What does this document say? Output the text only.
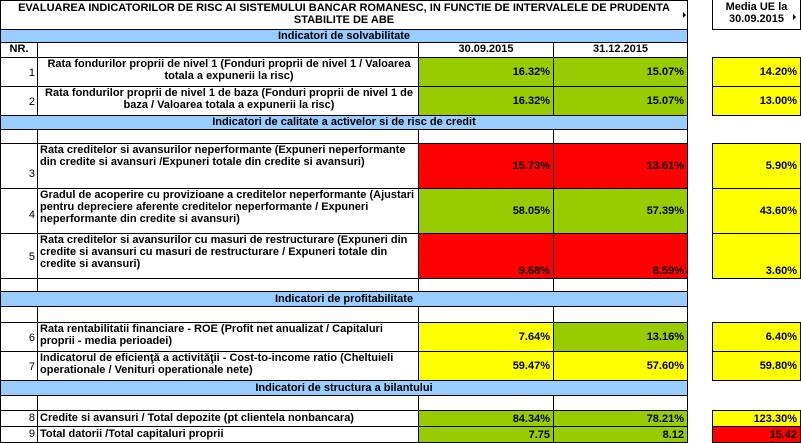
EVALUAREA INDICATORILOR DE RISC AI SISTEMULUI BANCAR ROMANESC, IN FUNCTIE DE INTERVALELE DE PRUDENTA STABILITE DE ABE
Media UE la 30.09.2015
Indicatori de solvabilitate
NR.	30.09.2015	31.12.2015
1
Rata fondurilor proprii de nivel 1 (Fonduri proprii de nivel 1 / Valoarea totala a expunerii la risc)	16.32%	15.07%	14.20%
2
Rata fondurilor proprii de nivel 1 de baza (Fonduri proprii de nivel 1 de baza / Valoarea totala a expunerii la risc)	16.32%	15.07%	13.00%
Indicatori de calitate a activelor si de risc de credit
3
Rata creditelor si avansurilor neperformante (Expuneri neperformante din credite si avansuri /Expuneri totale din credite si avansuri)	15.73%	13.61%	5.90%
4
Gradul de acoperire cu provizioane a creditelor neperformante (Ajustari pentru depreciere aferente creditelor neperformante / Expuneri neperformante din credite si avansuri)
58.05%	57.39%	43.60%
5
Rata creditelor si avansurilor cu masuri de restructurare (Expuneri din credite si avansuri cu masuri de restructurare / Expuneri totale din credite si avansuri)
9.68%	8.59%	3.60%
Indicatori de profitabilitate
6
Rata rentabilitatii financiare - ROE (Profit net anualizat / Capitaluri proprii - media perioadei)	7.64%	13.16%	6.40%
7
Indicatorul de eficienţă a activităţii - Cost-to-income ratio (Cheltuieli operationale / Venituri operationale nete)	59.47%	57.60%	59.80%
Indicatori de structura a bilantului
8 Credite si avansuri / Total depozite (pt clientela nonbancara)	84.34%	78.21%	123.30%
9 Total datorii /Total capitaluri proprii	7.75	8.12	15.42
